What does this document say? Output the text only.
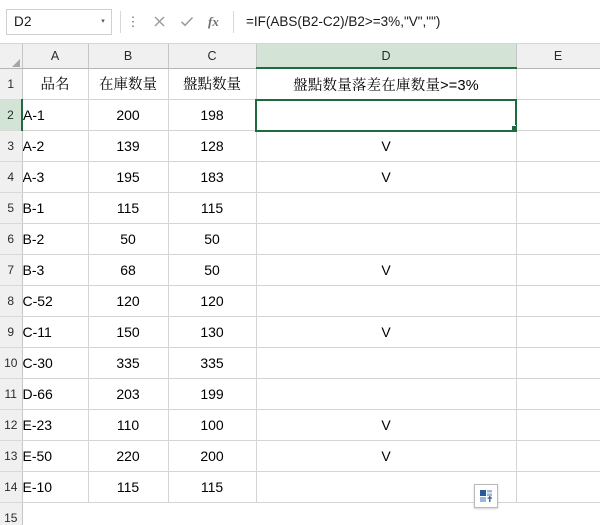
D2	▾	⋮	fx	=IF(ABS(B2-C2)/B2>=3%,"V","")
	A	B	C	D	E
1	品名	在庫数量	盤點数量	盤點数量落差在庫数量>=3%	
2	A-1	200	198	

3	A-2	139	128	V	
4	A-3	195	183	V	
5	B-1	115	115		
6	B-2	50	50		
7	B-3	68	50	V	
8	C-52	120	120		
9	C-11	150	130	V	
10	C-30	335	335		
11	D-66	203	199		
12	E-23	110	100	V	
13	E-50	220	200	V	
14	E-10	115	115		
15					
